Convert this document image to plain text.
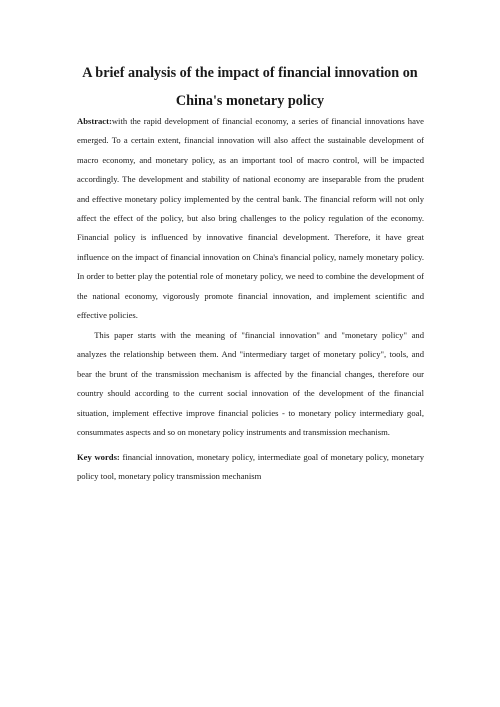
A brief analysis of the impact of financial innovation on
China's monetary policy
Abstract:with the rapid development of financial economy, a series of financial innovations have emerged. To a certain extent, financial innovation will also affect the sustainable development of macro economy, and monetary policy, as an important tool of macro control, will be impacted accordingly. The development and stability of national economy are inseparable from the prudent and effective monetary policy implemented by the central bank. The financial reform will not only affect the effect of the policy, but also bring challenges to the policy regulation of the economy. Financial policy is influenced by innovative financial development. Therefore, it have great influence on the impact of financial innovation on China's financial policy, namely monetary policy. In order to better play the potential role of monetary policy, we need to combine the development of the national economy, vigorously promote financial innovation, and implement scientific and effective policies.
This paper starts with the meaning of "financial innovation" and "monetary policy" and analyzes the relationship between them. And "intermediary target of monetary policy", tools, and bear the brunt of the transmission mechanism is affected by the financial changes, therefore our country should according to the current social innovation of the development of the financial situation, implement effective improve financial policies - to monetary policy intermediary goal, consummates aspects and so on monetary policy instruments and transmission mechanism.
Key words: financial innovation, monetary policy, intermediate goal of monetary policy, monetary policy tool, monetary policy transmission mechanism
